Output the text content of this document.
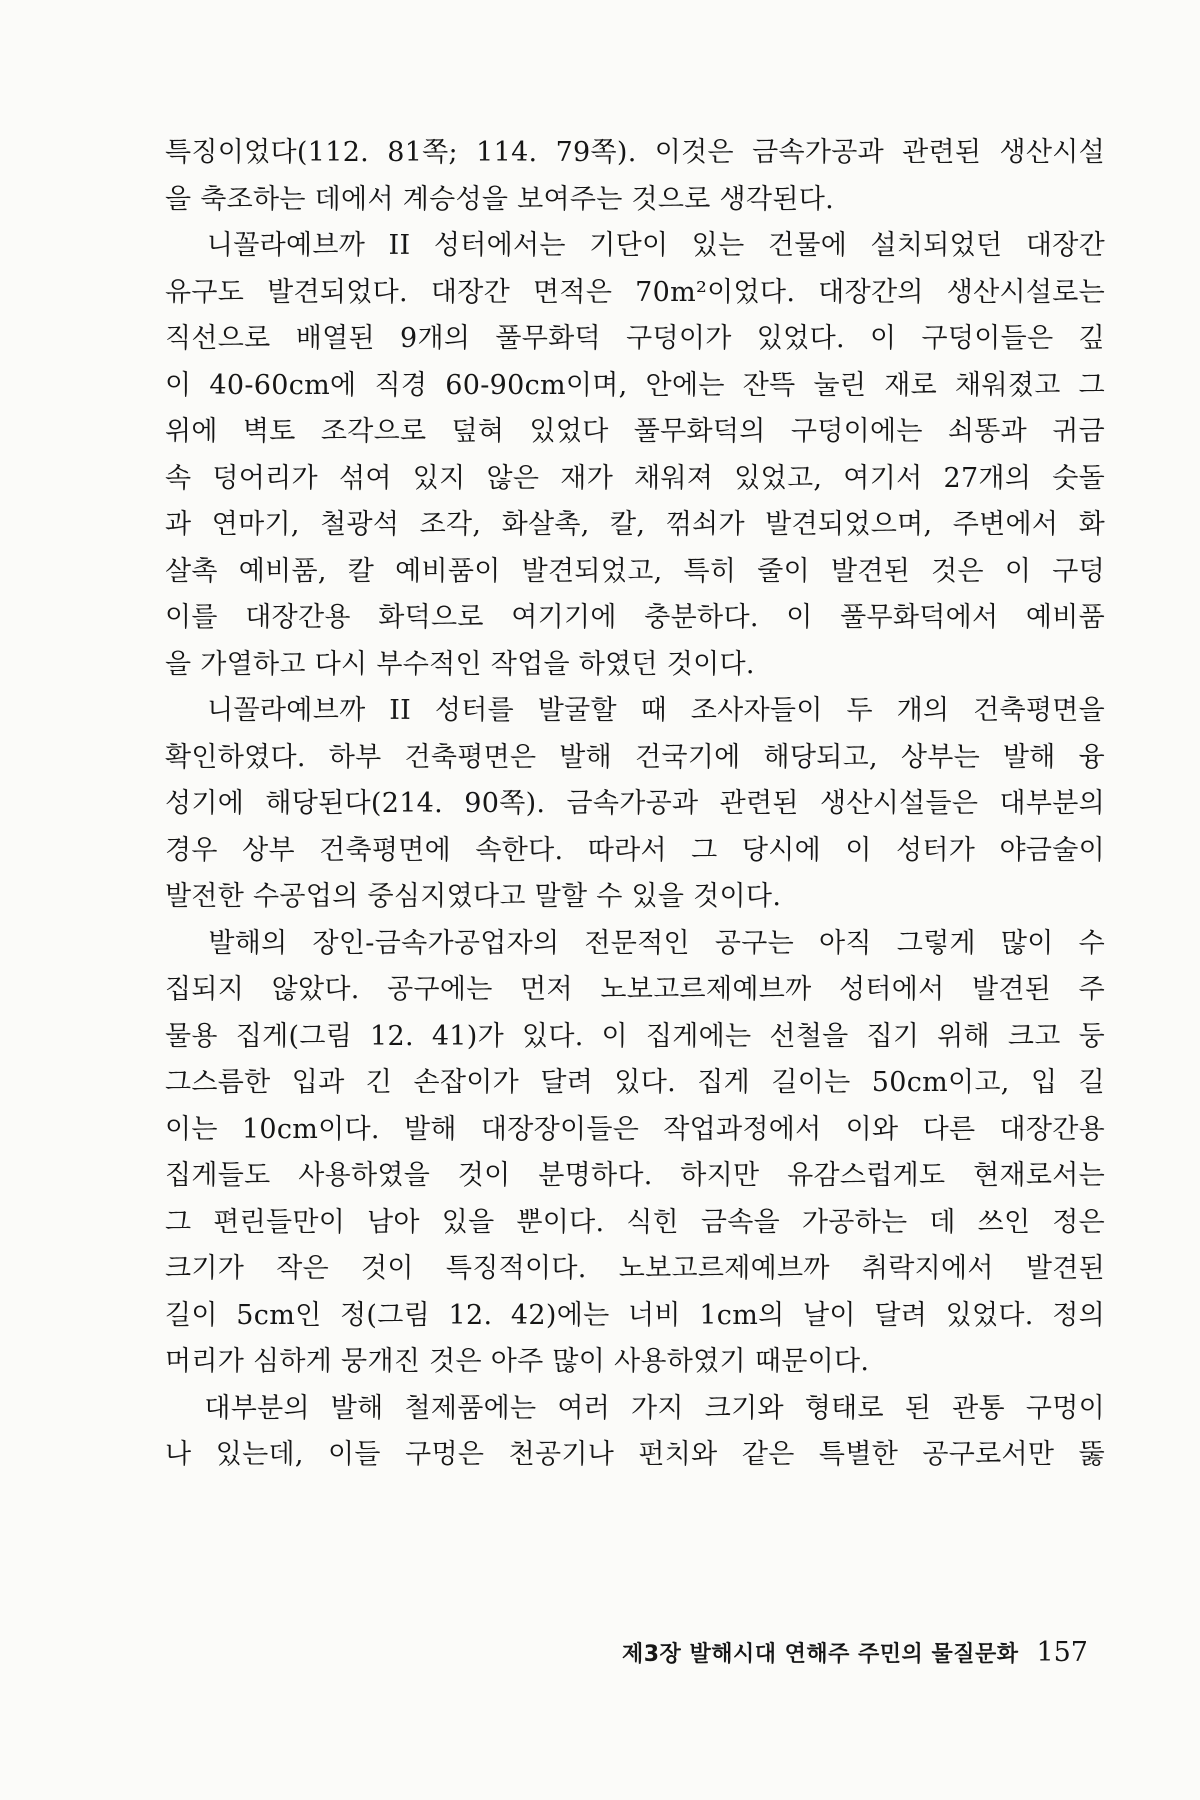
특징이었다(112. 81쪽; 114. 79쪽). 이것은 금속가공과 관련된 생산시설
을 축조하는 데에서 계승성을 보여주는 것으로 생각된다.
　니꼴라예브까 II 성터에서는 기단이 있는 건물에 설치되었던 대장간
유구도 발견되었다. 대장간 면적은 70m²이었다. 대장간의 생산시설로는
직선으로 배열된 9개의 풀무화덕 구덩이가 있었다. 이 구덩이들은 깊
이 40-60cm에 직경 60-90cm이며, 안에는 잔뜩 눌린 재로 채워졌고 그
위에 벽토 조각으로 덮혀 있었다 풀무화덕의 구덩이에는 쇠똥과 귀금
속 덩어리가 섞여 있지 않은 재가 채워져 있었고, 여기서 27개의 숫돌
과 연마기, 철광석 조각, 화살촉, 칼, 꺾쇠가 발견되었으며, 주변에서 화
살촉 예비품, 칼 예비품이 발견되었고, 특히 줄이 발견된 것은 이 구덩
이를 대장간용 화덕으로 여기기에 충분하다. 이 풀무화덕에서 예비품
을 가열하고 다시 부수적인 작업을 하였던 것이다.
　니꼴라예브까 II 성터를 발굴할 때 조사자들이 두 개의 건축평면을
확인하였다. 하부 건축평면은 발해 건국기에 해당되고, 상부는 발해 융
성기에 해당된다(214. 90쪽). 금속가공과 관련된 생산시설들은 대부분의
경우 상부 건축평면에 속한다. 따라서 그 당시에 이 성터가 야금술이
발전한 수공업의 중심지였다고 말할 수 있을 것이다.
　발해의 장인-금속가공업자의 전문적인 공구는 아직 그렇게 많이 수
집되지 않았다. 공구에는 먼저 노보고르제예브까 성터에서 발견된 주
물용 집게(그림 12. 41)가 있다. 이 집게에는 선철을 집기 위해 크고 둥
그스름한 입과 긴 손잡이가 달려 있다. 집게 길이는 50cm이고, 입 길
이는 10cm이다. 발해 대장장이들은 작업과정에서 이와 다른 대장간용
집게들도 사용하였을 것이 분명하다. 하지만 유감스럽게도 현재로서는
그 편린들만이 남아 있을 뿐이다. 식힌 금속을 가공하는 데 쓰인 정은
크기가 작은 것이 특징적이다. 노보고르제예브까 취락지에서 발견된
길이 5cm인 정(그림 12. 42)에는 너비 1cm의 날이 달려 있었다. 정의
머리가 심하게 뭉개진 것은 아주 많이 사용하였기 때문이다.
　대부분의 발해 철제품에는 여러 가지 크기와 형태로 된 관통 구멍이
나 있는데, 이들 구멍은 천공기나 펀치와 같은 특별한 공구로서만 뚫
제3장 발해시대 연해주 주민의 물질문화 157
